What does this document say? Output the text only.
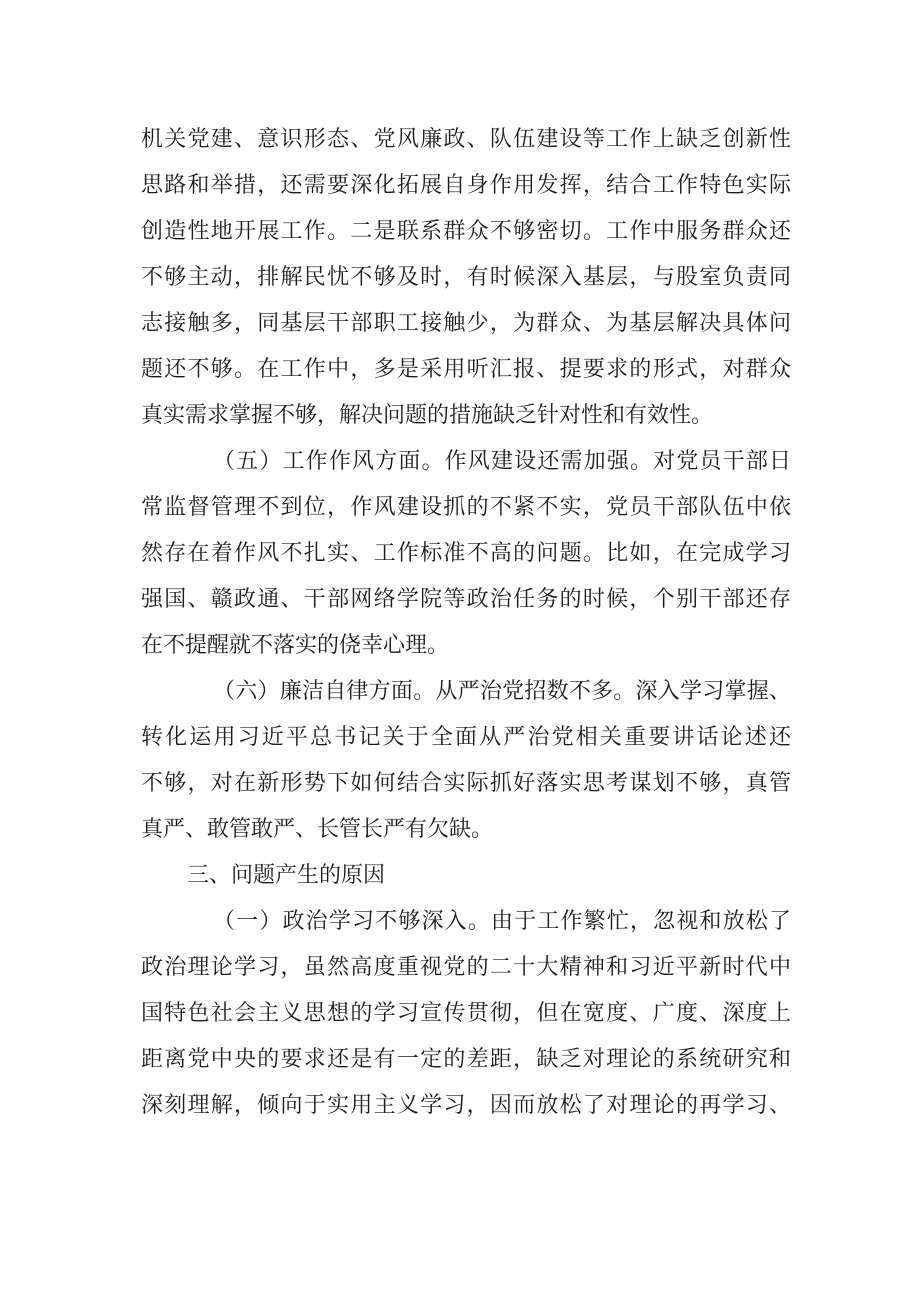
机关党建、意识形态、党风廉政、队伍建设等工作上缺乏创新性
思路和举措，还需要深化拓展自身作用发挥，结合工作特色实际
创造性地开展工作。二是联系群众不够密切。工作中服务群众还
不够主动，排解民忧不够及时，有时候深入基层，与股室负责同
志接触多，同基层干部职工接触少，为群众、为基层解决具体问
题还不够。在工作中，多是采用听汇报、提要求的形式，对群众
真实需求掌握不够，解决问题的措施缺乏针对性和有效性。
（五）工作作风方面。作风建设还需加强。对党员干部日
常监督管理不到位，作风建设抓的不紧不实，党员干部队伍中依
然存在着作风不扎实、工作标准不高的问题。比如，在完成学习
强国、赣政通、干部网络学院等政治任务的时候，个别干部还存
在不提醒就不落实的侥幸心理。
（六）廉洁自律方面。从严治党招数不多。深入学习掌握、
转化运用习近平总书记关于全面从严治党相关重要讲话论述还
不够，对在新形势下如何结合实际抓好落实思考谋划不够，真管
真严、敢管敢严、长管长严有欠缺。
三、问题产生的原因
（一）政治学习不够深入。由于工作繁忙，忽视和放松了
政治理论学习，虽然高度重视党的二十大精神和习近平新时代中
国特色社会主义思想的学习宣传贯彻，但在宽度、广度、深度上
距离党中央的要求还是有一定的差距，缺乏对理论的系统研究和
深刻理解，倾向于实用主义学习，因而放松了对理论的再学习、
